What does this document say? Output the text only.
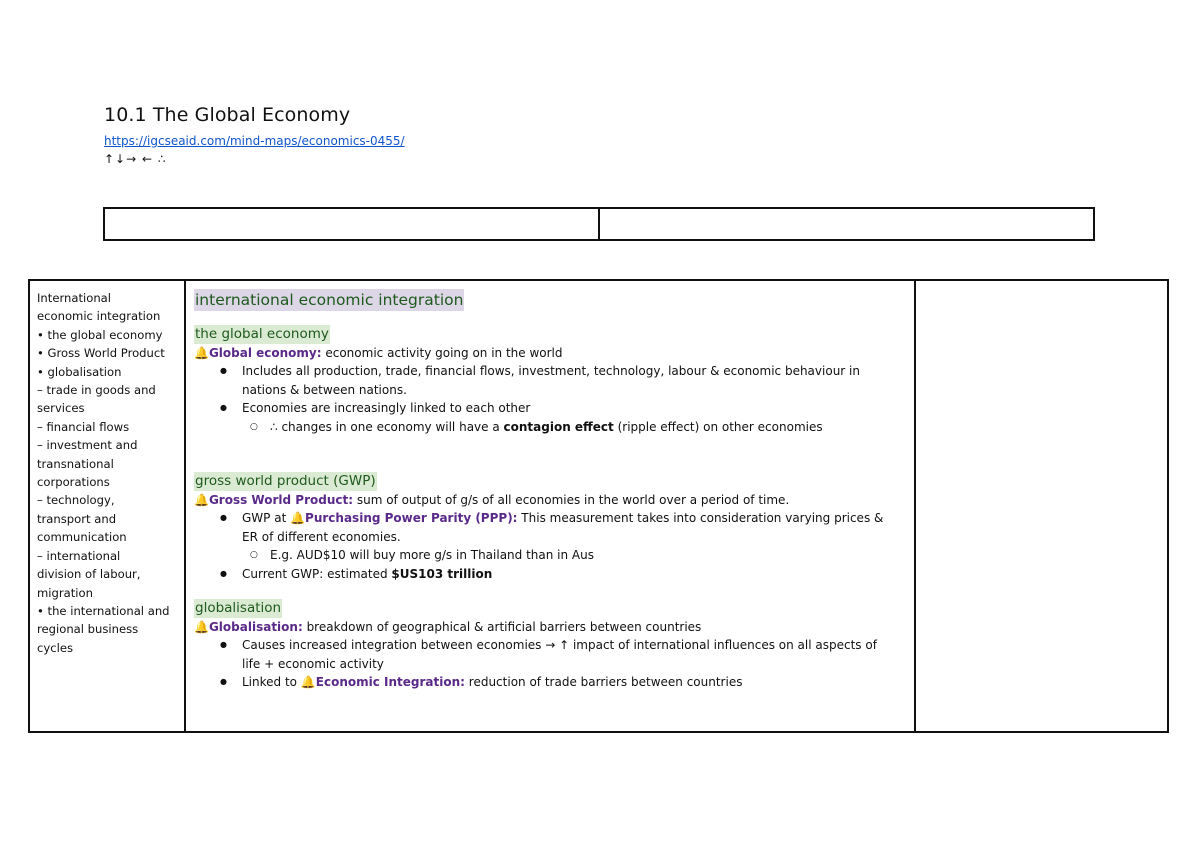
10.1 The Global Economy
https://igcseaid.com/mind-maps/economics-0455/
↑↓→ ← ∴
International
economic integration
• the global economy
• Gross World Product
• globalisation
– trade in goods and
services
– financial flows
– investment and
transnational
corporations
– technology,
transport and
communication
– international
division of labour,
migration
• the international and
regional business
cycles
international economic integration
the global economy
🔔Global economy: economic activity going on in the world
● Includes all production, trade, financial flows, investment, technology, labour & economic behaviour in nations & between nations.
● Economies are increasingly linked to each other
○ ∴ changes in one economy will have a contagion effect (ripple effect) on other economies
gross world product (GWP)
🔔Gross World Product: sum of output of g/s of all economies in the world over a period of time.
● GWP at 🔔Purchasing Power Parity (PPP): This measurement takes into consideration varying prices &
ER of different economies.
○ E.g. AUD$10 will buy more g/s in Thailand than in Aus
● Current GWP: estimated $US103 trillion
globalisation
🔔Globalisation: breakdown of geographical & artificial barriers between countries
● Causes increased integration between economies → ↑ impact of international influences on all aspects of
life + economic activity
● Linked to 🔔Economic Integration: reduction of trade barriers between countries
